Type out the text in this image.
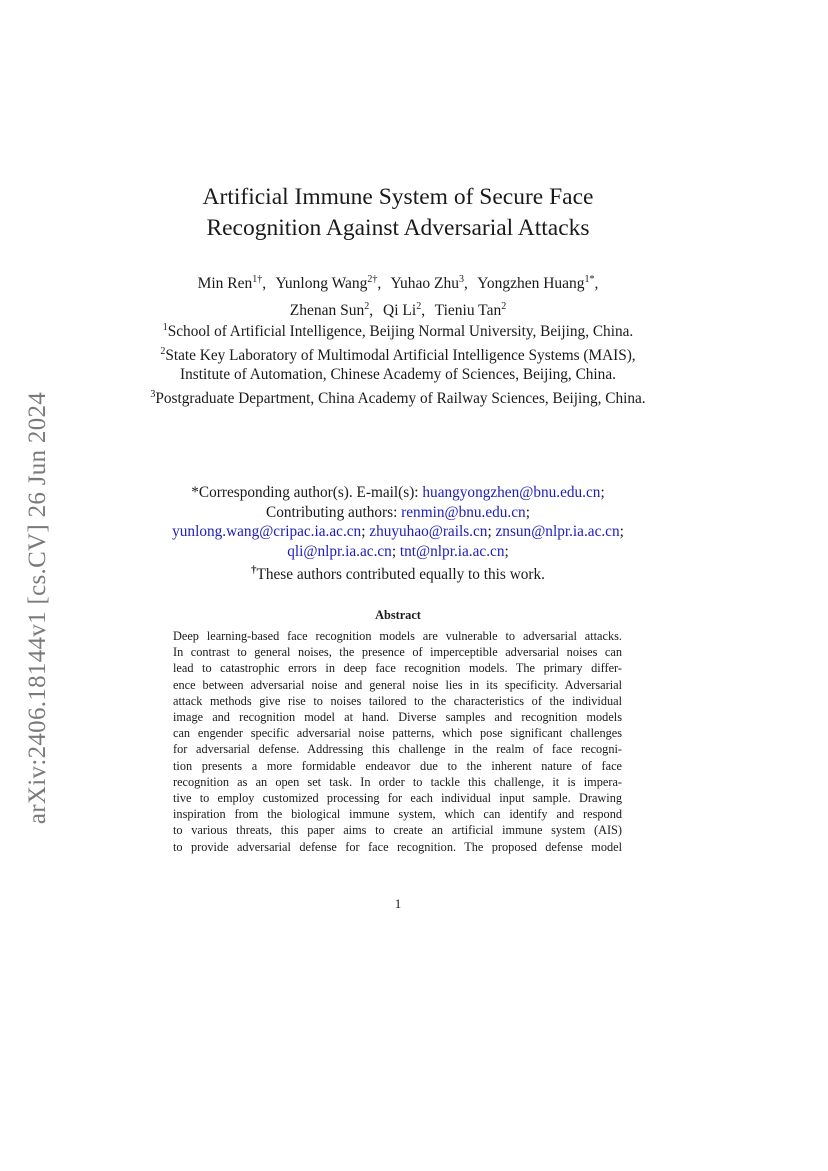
arXiv:2406.18144v1 [cs.CV] 26 Jun 2024
Artificial Immune System of Secure Face
Recognition Against Adversarial Attacks
Min Ren$^{1\dagger}$, Yunlong Wang$^{2\dagger}$, Yuhao Zhu$^3$, Yongzhen Huang$^{1*}$,
Zhenan Sun$^2$, Qi Li$^2$, Tieniu Tan$^2$

$^1$School of Artificial Intelligence, Beijing Normal University, Beijing, China.

$^2$State Key Laboratory of Multimodal Artificial Intelligence Systems (MAIS), Institute of Automation, Chinese Academy of Sciences, Beijing, China.

$^3$Postgraduate Department, China Academy of Railway Sciences, Beijing, China.

*Corresponding author(s). E-mail(s): huangyongzhen@bnu.edu.cn;
Contributing authors: renmin@bnu.edu.cn;
yunlong.wang@cripac.ia.ac.cn; zhuyuhao@rails.cn; znsun@nlpr.ia.ac.cn;
qli@nlpr.ia.ac.cn; tnt@nlpr.ia.ac.cn;
†These authors contributed equally to this work.
Abstract
Deep learning-based face recognition models are vulnerable to adversarial attacks.
In contrast to general noises, the presence of imperceptible adversarial noises can
lead to catastrophic errors in deep face recognition models. The primary differ-
ence between adversarial noise and general noise lies in its specificity. Adversarial
attack methods give rise to noises tailored to the characteristics of the individual
image and recognition model at hand. Diverse samples and recognition models
can engender specific adversarial noise patterns, which pose significant challenges
for adversarial defense. Addressing this challenge in the realm of face recogni-
tion presents a more formidable endeavor due to the inherent nature of face
recognition as an open set task. In order to tackle this challenge, it is impera-
tive to employ customized processing for each individual input sample. Drawing
inspiration from the biological immune system, which can identify and respond
to various threats, this paper aims to create an artificial immune system (AIS)
to provide adversarial defense for face recognition. The proposed defense model
1
